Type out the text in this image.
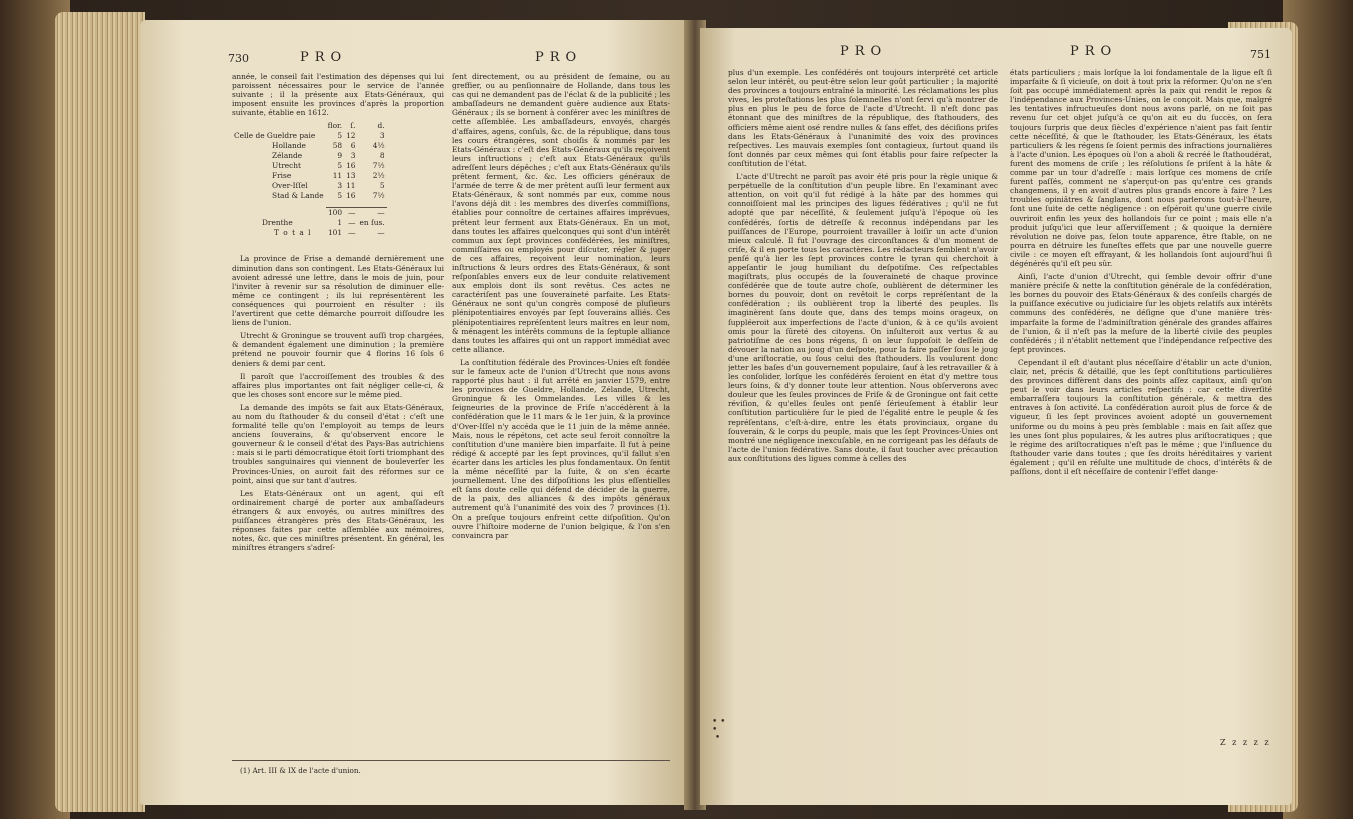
730	PRO	PRO

année, le conseil fait l'estimation des dépenses qui lui paroissent nécessaires pour le service de l'année suivante ; il la présente aux Etats-Généraux, qui imposent ensuite les provinces d'après la proportion suivante, établie en 1612.

	flor.	ſ.	d.
Celle de Gueldre paie	5	12	3
Hollande	58	6	4½
Zélande	9	3	8
Utrecht	5	16	7½
Frise	11	13	2½
Over-Iſſel	3	11	5
Stad & Lande	5	16	7½

	100	—	—
Drenthe	1	—	en ſus.
T o t a l	101	—	—

La province de Frise a demandé dernièrement une diminution dans son contingent. Les Etats-Généraux lui avoient adressé une lettre, dans le mois de juin, pour l'inviter à revenir sur sa résolution de diminuer elle-même ce contingent ; ils lui représentèrent les conséquences qui pourroient en résulter : ils l'avertirent que cette démarche pourroit diſſoudre les liens de l'union.

Utrecht & Groningue se trouvent auſſi trop chargées, & demandent également une diminution ; la première prétend ne pouvoir fournir que 4 florins 16 ſols 6 deniers & demi par cent.

Il paroît que l'accroiſſement des troubles & des affaires plus importantes ont fait négliger celle-ci, & que les choses sont encore sur le même pied.

La demande des impôts se fait aux Etats-Généraux, au nom du ſtathouder & du conseil d'état : c'eſt une formalité telle qu'on l'employoit au temps de leurs anciens ſouverains, & qu'observent encore le gouverneur & le conseil d'état des Pays-Bas autrichiens : mais si le parti démocratique étoit ſorti triomphant des troubles sanguinaires qui viennent de bouleverſer les Provinces-Unies, on auroit fait des réformes sur ce point, ainsi que sur tant d'autres.

Les Etats-Généraux ont un agent, qui eſt ordinairement chargé de porter aux ambaſſadeurs étrangers & aux envoyés, ou autres miniſtres des puiſſances étrangères près des Etats-Généraux, les réponses faites par cette aſſemblée aux mémoires, notes, &c. que ces miniſtres présentent. En général, les miniſtres étrangers s'adreſ-

ſent directement, ou au président de ſemaine, ou au greffier, ou au penſionnaire de Hollande, dans tous les cas qui ne demandent pas de l'éclat & de la publicité ; les ambaſſadeurs ne demandent guère audience aux Etats-Généraux ; ils se bornent à conférer avec les miniſtres de cette aſſemblée. Les ambaſſadeurs, envoyés, chargés d'affaires, agens, conſuls, &c. de la république, dans tous les cours étrangères, sont choiſis & nommés par les Etats-Généraux : c'eſt des Etats-Généraux qu'ils reçoivent leurs inſtructions ; c'eſt aux Etats-Généraux qu'ils adreſſent leurs dépêches ; c'eſt aux Etats-Généraux qu'ils prêtent ferment, &c. &c. Les officiers généraux de l'armée de terre & de mer prêtent auſſi leur ferment aux Etats-Généraux, & sont nommés par eux, comme nous l'avons déjà dit : les membres des diverſes commiſſions, établies pour connoître de certaines affaires imprévues, prêtent leur ferment aux Etats-Généraux. En un mot, dans toutes les affaires quelconques qui sont d'un intérêt commun aux ſept provinces confédérées, les miniſtres, commiſſaires ou employés pour diſcuter, régler & juger de ces affaires, reçoivent leur nomination, leurs inſtructions & leurs ordres des Etats-Généraux, & sont reſponſables envers eux de leur conduite relativement aux emplois dont ils sont revêtus. Ces actes ne caractériſent pas une ſouveraineté parfaite. Les Etats-Généraux ne sont qu'un congrès composé de pluſieurs plénipotentiaires envoyés par ſept ſouverains alliés. Ces plénipotentiaires repréſentent leurs maîtres en leur nom, & ménagent les intérêts communs de la ſeptuple alliance dans toutes les affaires qui ont un rapport immédiat avec cette alliance.

La conſtitution fédérale des Provinces-Unies eſt fondée sur le fameux acte de l'union d'Utrecht que nous avons rapporté plus haut : il fut arrêté en janvier 1579, entre les provinces de Gueldre, Hollande, Zélande, Utrecht, Groningue & les Ommelandes. Les villes & les ſeigneuries de la province de Friſe n'accédèrent à la confédération que le 11 mars & le 1er juin, & la province d'Over-Iſſel n'y accéda que le 11 juin de la même année. Mais, nous le répétons, cet acte seul feroit connoître la conſtitution d'une manière bien imparfaite. Il fut à peine rédigé & accepté par les ſept provinces, qu'il fallut s'en écarter dans les articles les plus fondamentaux. On ſentit la même néceſſité par la ſuite, & on s'en écarte journellement. Une des diſpoſitions les plus eſſentielles eſt ſans doute celle qui défend de décider de la guerre, de la paix, des alliances & des impôts généraux autrement qu'à l'unanimité des voix des 7 provinces (1). On a preſque toujours enfreint cette diſpoſition. Qu'on ouvre l'hiſtoire moderne de l'union belgique, & l'on s'en convaincra par

(1) Art. III & IX de l'acte d'union.
PRO	PRO	751

plus d'un exemple. Les confédérés ont toujours interprété cet article selon leur intérêt, ou peut-être selon leur goût particulier ; la majorité des provinces a toujours entraîné la minorité. Les réclamations les plus vives, les proteſtations les plus ſolemnelles n'ont ſervi qu'à montrer de plus en plus le peu de force de l'acte d'Utrecht. Il n'eſt donc pas étonnant que des miniſtres de la république, des ſtathouders, des officiers même aient osé rendre nulles & ſans effet, des déciſions priſes dans les Etats-Généraux à l'unanimité des voix des provinces reſpectives. Les mauvais exemples ſont contagieux, ſurtout quand ils ſont donnés par ceux mêmes qui ſont établis pour faire reſpecter la conſtitution de l'état.

L'acte d'Utrecht ne paroît pas avoir été pris pour la règle unique & perpétuelle de la conſtitution d'un peuple libre. En l'examinant avec attention, on voit qu'il fut rédigé à la hâte par des hommes qui connoiſſoient mal les principes des ligues fédératives ; qu'il ne fut adopté que par néceſſité, & ſeulement juſqu'à l'époque où les confédérés, ſortis de détreſſe & reconnus indépendans par les puiſſances de l'Europe, pourroient travailler à loiſir un acte d'union mieux calculé. Il fut l'ouvrage des circonſtances & d'un moment de criſe, & il en porte tous les caractères. Les rédacteurs ſemblent n'avoir penſé qu'à lier les ſept provinces contre le tyran qui cherchoit à appeſantir le joug humiliant du deſpotiſme. Ces reſpectables magiſtrats, plus occupés de la ſouveraineté de chaque province confédérée que de toute autre choſe, oublièrent de déterminer les bornes du pouvoir, dont on revêtoit le corps repréſentant de la confédération ; ils oublièrent trop la liberté des peuples. Ils imaginèrent ſans doute que, dans des temps moins orageux, on ſuppléeroit aux imperfections de l'acte d'union, & à ce qu'ils avoient omis pour la ſûreté des citoyens. On inſulteroit aux vertus & au patriotiſme de ces bons régens, ſi on leur ſuppoſoit le deſſein de dévouer la nation au joug d'un deſpote, pour la faire paſſer ſous le joug d'une ariſtocratie, ou ſous celui des ſtathouders. Ils voulurent donc jetter les baſes d'un gouvernement populaire, ſauf à les retravailler & à les conſolider, lorſque les confédérés ſeroient en état d'y mettre tous leurs ſoins, & d'y donner toute leur attention. Nous obſerverons avec douleur que les ſeules provinces de Friſe & de Groningue ont fait cette réviſion, & qu'elles ſeules ont penſé ſérieuſement à établir leur conſtitution particulière ſur le pied de l'égalité entre le peuple & ſes repréſentans, c'eſt-à-dire, entre les états provinciaux, organe du ſouverain, & le corps du peuple, mais que les ſept Provinces-Unies ont montré une négligence inexcuſable, en ne corrigeant pas les défauts de l'acte de l'union fédérative. Sans doute, il faut toucher avec précaution aux conſtitutions des ligues comme à celles des

états particuliers ; mais lorſque la loi fondamentale de la ligue eſt ſi imparfaite & ſi vicieuſe, on doit à tout prix la réformer. Qu'on ne s'en ſoit pas occupé immédiatement après la paix qui rendit le repos & l'indépendance aux Provinces-Unies, on le conçoit. Mais que, malgré les tentatives infructueuſes dont nous avons parlé, on ne ſoit pas revenu ſur cet objet juſqu'à ce qu'on ait eu du ſuccès, on ſera toujours ſurpris que deux ſiècles d'expérience n'aient pas fait ſentir cette néceſſité, & que le ſtathouder, les Etats-Généraux, les états particuliers & les régens ſe ſoient permis des infractions journalières à l'acte d'union. Les époques où l'on a aboli & recréé le ſtathoudérat, furent des momens de criſe ; les réſolutions ſe priſent à la hâte & comme par un tour d'adreſſe : mais lorſque ces momens de criſe furent paſſés, comment ne s'aperçut-on pas qu'entre ces grands changemens, il y en avoit d'autres plus grands encore à faire ? Les troubles opiniâtres & ſanglans, dont nous parlerons tout-à-l'heure, ſont une ſuite de cette négligence : on eſpéroit qu'une guerre civile ouvriroit enfin les yeux des hollandois ſur ce point ; mais elle n'a produit juſqu'ici que leur aſſerviſſement ; & quoique la dernière révolution ne doive pas, ſelon toute apparence, être ſtable, on ne pourra en détruire les funeſtes effets que par une nouvelle guerre civile : ce moyen eſt effrayant, & les hollandois ſont aujourd'hui ſi dégénérés qu'il eſt peu sûr.

Ainſi, l'acte d'union d'Utrecht, qui ſemble devoir offrir d'une manière préciſe & nette la conſtitution générale de la confédération, les bornes du pouvoir des Etats-Généraux & des conſeils chargés de la puiſſance exécutive ou judiciaire ſur les objets relatifs aux intérêts communs des confédérés, ne déſigne que d'une manière très-imparfaite la forme de l'adminiſtration générale des grandes affaires de l'union, & il n'eſt pas la meſure de la liberté civile des peuples confédérés ; il n'établit nettement que l'indépendance reſpective des ſept provinces.

Cependant il eſt d'autant plus néceſſaire d'établir un acte d'union, clair, net, précis & détaillé, que les ſept conſtitutions particulières des provinces diffèrent dans des points aſſez capitaux, ainſi qu'on peut le voir dans leurs articles reſpectifs : car cette diverſité embarraſſera toujours la conſtitution générale, & mettra des entraves à ſon activité. La confédération auroit plus de force & de vigueur, ſi les ſept provinces avoient adopté un gouvernement uniforme ou du moins à peu près ſemblable : mais en ſait aſſez que les unes ſont plus populaires, & les autres plus ariſtocratiques ; que le régime des ariſtocratiques n'eſt pas le même ; que l'influence du ſtathouder varie dans toutes ; que ſes droits héréditaires y varient également ; qu'il en réſulte une multitude de chocs, d'intérêts & de paſſions, dont il eſt néceſſaire de contenir l'effet dange-

Z z z z z
• •
•
•
